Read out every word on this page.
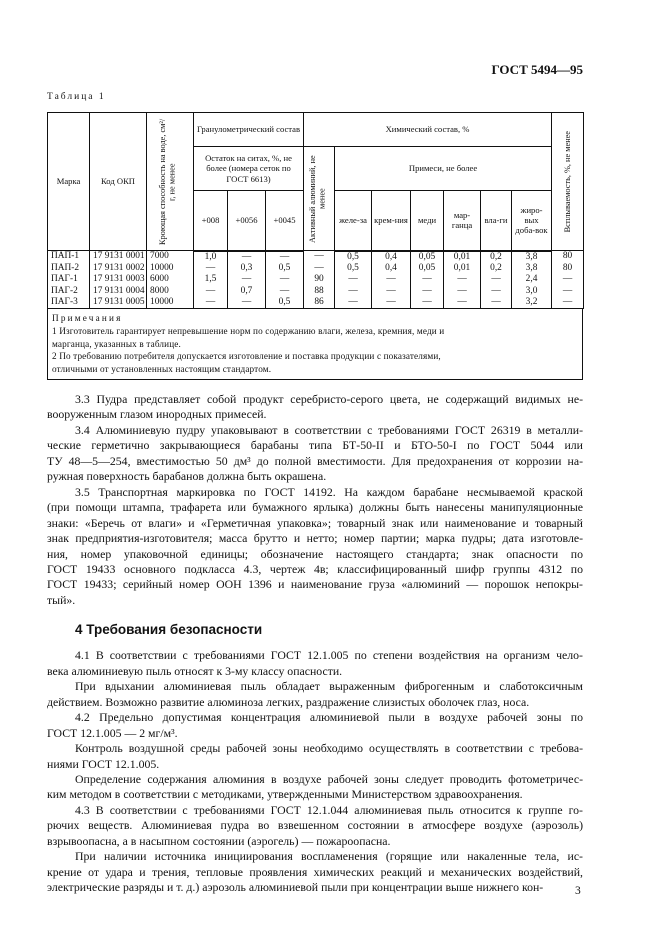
ГОСТ 5494—95
Таблица 1
Марка	Код ОКП	Кроющая способность на воде, см²/г, не менее	Гранулометрический состав			Химический состав, %							Всплываемость, %, не менее

			Остаток на ситах, %, не более (номера сеток по ГОСТ 6613)			Активный алюминий, не менее	Примеси, не более						
			+008	+0056	+0045		желе-за	крем-ния	меди	мар-ганца	вла-ги	жиро-вых доба-вок	
ПАП-1	17 9131 0001	7000	1,0	—	—	—	0,5	0,4	0,05	0,01	0,2	3,8	80
ПАП-2	17 9131 0002	10000	—	0,3	0,5	—	0,5	0,4	0,05	0,01	0,2	3,8	80
ПАГ-1	17 9131 0003	6000	1,5	—	—	90	—	—	—	—	—	2,4	—
ПАГ-2	17 9131 0004	8000	—	0,7	—	88	—	—	—	—	—	3,0	—
ПАГ-3	17 9131 0005	10000	—	—	0,5	86	—	—	—	—	—	3,2	—
Примечания
1 Изготовитель гарантирует непревышение норм по содержанию влаги, железа, кремния, меди и
марганца, указанных в таблице.
2 По требованию потребителя допускается изготовление и поставка продукции с показателями,
отличными от установленных настоящим стандартом.
3.3 Пудра представляет собой продукт серебристо-серого цвета, не содержащий видимых не-
вооруженным глазом инородных примесей.
3.4 Алюминиевую пудру упаковывают в соответствии с требованиями ГОСТ 26319 в металли-
ческие герметично закрывающиеся барабаны типа БТ-50-II и БТО-50-I по ГОСТ 5044 или
ТУ 48—5—254, вместимостью 50 дм³ до полной вместимости. Для предохранения от коррозии на-
ружная поверхность барабанов должна быть окрашена.
3.5 Транспортная маркировка по ГОСТ 14192. На каждом барабане несмываемой краской
(при помощи штампа, трафарета или бумажного ярлыка) должны быть нанесены манипуляционные
знаки: «Беречь от влаги» и «Герметичная упаковка»; товарный знак или наименование и товарный
знак предприятия-изготовителя; масса брутто и нетто; номер партии; марка пудры; дата изготовле-
ния, номер упаковочной единицы; обозначение настоящего стандарта; знак опасности по
ГОСТ 19433 основного подкласса 4.3, чертеж 4в; классифицированный шифр группы 4312 по
ГОСТ 19433; серийный номер ООН 1396 и наименование груза «алюминий — порошок непокры-
тый».
4 Требования безопасности
4.1 В соответствии с требованиями ГОСТ 12.1.005 по степени воздействия на организм чело-
века алюминиевую пыль относят к 3-му классу опасности.
При вдыхании алюминиевая пыль обладает выраженным фиброгенным и слаботоксичным
действием. Возможно развитие алюминоза легких, раздражение слизистых оболочек глаз, носа.
4.2 Предельно допустимая концентрация алюминиевой пыли в воздухе рабочей зоны по
ГОСТ 12.1.005 — 2 мг/м³.
Контроль воздушной среды рабочей зоны необходимо осуществлять в соответствии с требова-
ниями ГОСТ 12.1.005.
Определение содержания алюминия в воздухе рабочей зоны следует проводить фотометричес-
ким методом в соответствии с методиками, утвержденными Министерством здравоохранения.
4.3 В соответствии с требованиями ГОСТ 12.1.044 алюминиевая пыль относится к группе го-
рючих веществ. Алюминиевая пудра во взвешенном состоянии в атмосфере воздухе (аэрозоль)
взрывоопасна, а в насыпном состоянии (аэрогель) — пожароопасна.
При наличии источника инициирования воспламенения (горящие или накаленные тела, ис-
крение от удара и трения, тепловые проявления химических реакций и механических воздействий,
электрические разряды и т. д.) аэрозоль алюминиевой пыли при концентрации выше нижнего кон-	3
